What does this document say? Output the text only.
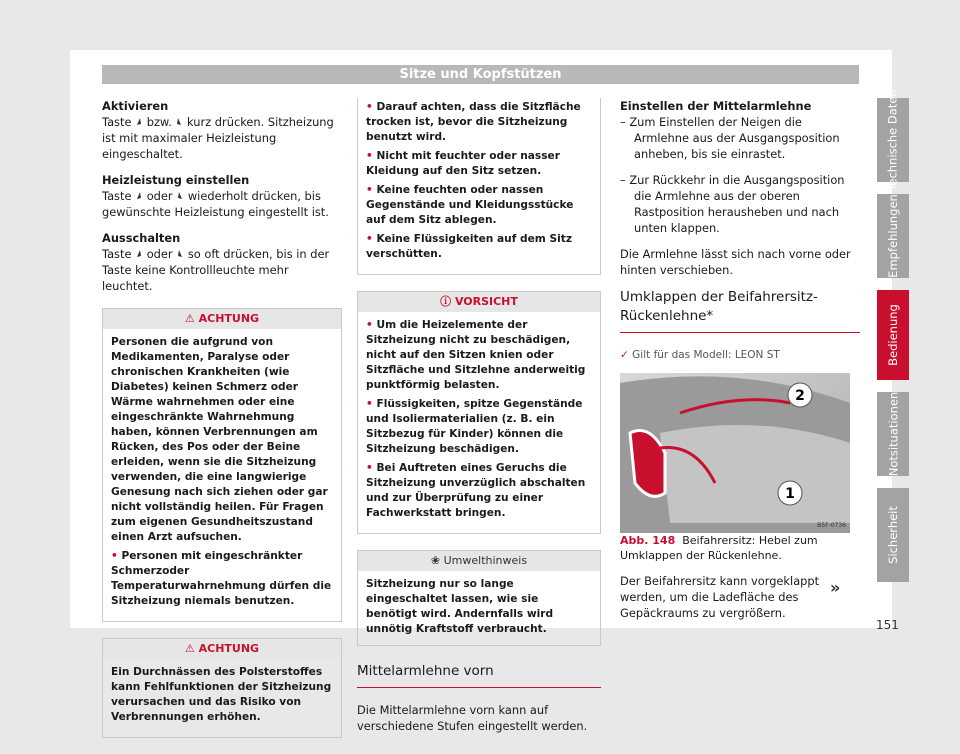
Sitze und Kopfstützen

Aktivieren

Taste  bzw.  kurz drücken. Sitzheizung ist mit maximaler Heizleistung eingeschaltet.

Heizleistung einstellen

Taste  oder  wiederholt drücken, bis gewünschte Heizleistung eingestellt ist.

Ausschalten

Taste  oder  so oft drücken, bis in der Taste keine Kontrollleuchte mehr leuchtet.

⚠ ACHTUNG

Personen die aufgrund von Medikamenten, Paralyse oder chronischen Krankheiten (wie Diabetes) keinen Schmerz oder Wärme wahrnehmen oder eine eingeschränkte Wahrnehmung haben, können Verbrennungen am Rücken, des Pos oder der Beine erleiden, wenn sie die Sitzheizung verwenden, die eine langwierige Genesung nach sich ziehen oder gar nicht vollständig heilen. Für Fragen zum eigenen Gesundheitszustand einen Arzt aufsuchen.

• Personen mit eingeschränkter Schmerzoder Temperaturwahrnehmung dürfen die Sitzheizung niemals benutzen.

⚠ ACHTUNG

Ein Durchnässen des Polsterstoffes kann Fehlfunktionen der Sitzheizung verursachen und das Risiko von Verbrennungen erhöhen.

• Darauf achten, dass die Sitzfläche trocken ist, bevor die Sitzheizung benutzt wird.

• Nicht mit feuchter oder nasser Kleidung auf den Sitz setzen.

• Keine feuchten oder nassen Gegenstände und Kleidungsstücke auf dem Sitz ablegen.

• Keine Flüssigkeiten auf dem Sitz verschütten.

ⓘ VORSICHT

• Um die Heizelemente der Sitzheizung nicht zu beschädigen, nicht auf den Sitzen knien oder Sitzfläche und Sitzlehne anderweitig punktförmig belasten.

• Flüssigkeiten, spitze Gegenstände und Isoliermaterialien (z. B. ein Sitzbezug für Kinder) können die Sitzheizung beschädigen.

• Bei Auftreten eines Geruchs die Sitzheizung unverzüglich abschalten und zur Überprüfung zu einer Fachwerkstatt bringen.

❀ Umwelthinweis
Sitzheizung nur so lange eingeschaltet lassen, wie sie benötigt wird. Andernfalls wird unnötig Kraftstoff verbraucht.
Mittelarmlehne vorn

Die Mittelarmlehne vorn kann auf verschiedene Stufen eingestellt werden.

Einstellen der Mittelarmlehne

– Zum Einstellen der Neigen die Armlehne aus der Ausgangsposition anheben, bis sie einrastet.

– Zur Rückkehr in die Ausgangsposition die Armlehne aus der oberen Rastposition herausheben und nach unten klappen.

Die Armlehne lässt sich nach vorne oder hinten verschieben.

Umklappen der Beifahrersitz-Rückenlehne*
✓ Gilt für das Modell: LEON ST
2
1
B5F-0736

Abb. 148 Beifahrersitz: Hebel zum Umklappen der Rückenlehne.

Der Beifahrersitz kann vorgeklappt werden, um die Ladefläche des Gepäckraums zu vergrößern.

»
Technische Daten
Empfehlungen
Bedienung
Notsituationen
Sicherheit
151
